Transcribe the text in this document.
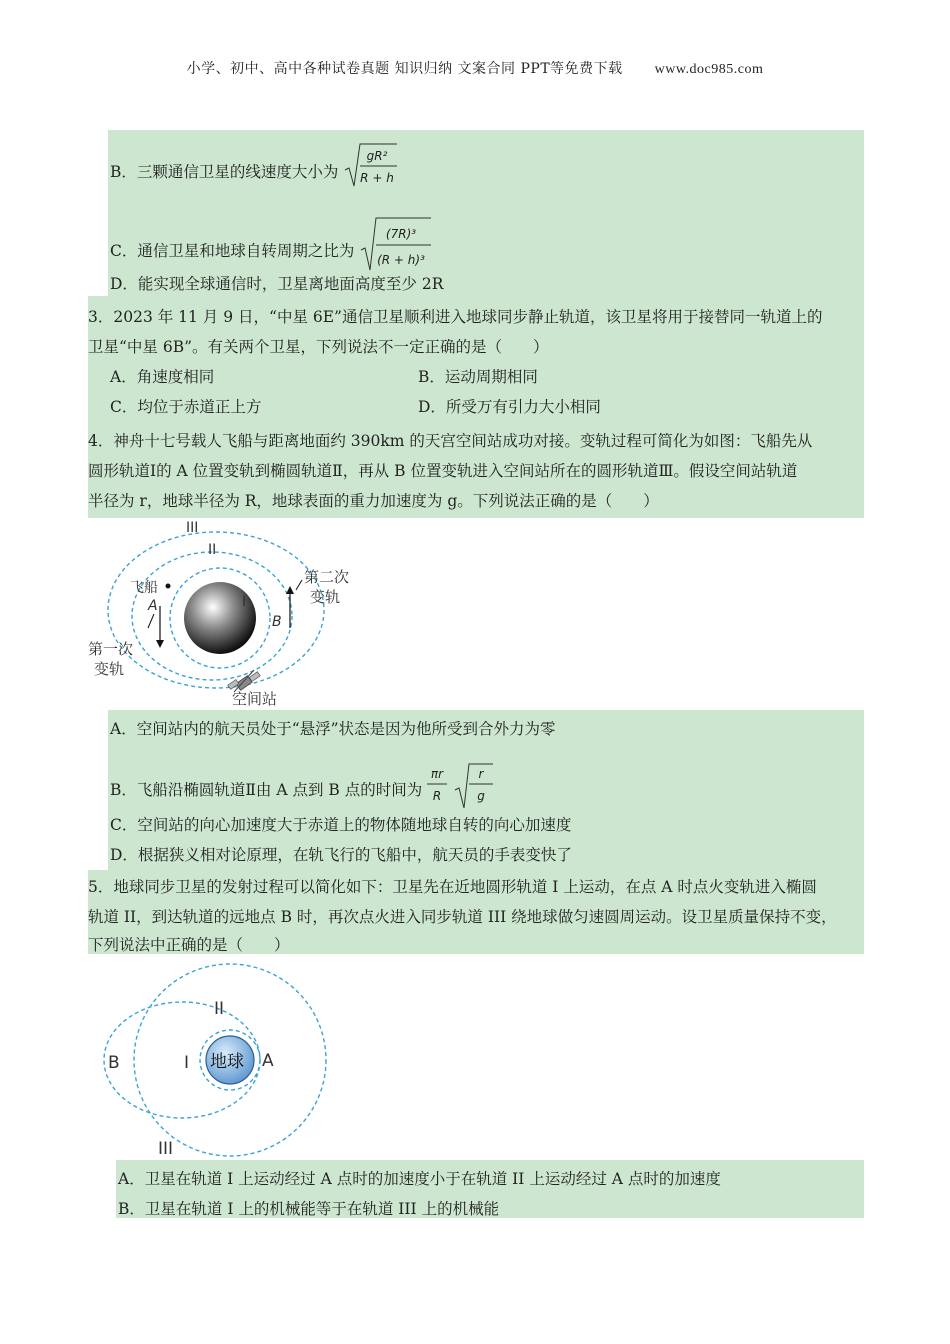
小学、初中、高中各种试卷真题 知识归纳 文案合同 PPT等免费下载 www.doc985.com
B．三颗通信卫星的线速度大小为
gR²
R + h
C．通信卫星和地球自转周期之比为
(7R)³
(R + h)³
D．能实现全球通信时，卫星离地面高度至少 2R
3．2023 年 11 月 9 日，“中星 6E”通信卫星顺利进入地球同步静止轨道，该卫星将用于接替同一轨道上的
卫星“中星 6B”。有关两个卫星，下列说法不一定正确的是（　　）
A．角速度相同	B．运动周期相同
C．均位于赤道正上方	D．所受万有引力大小相同
4．神舟十七号载人飞船与距离地面约 390km 的天宫空间站成功对接。变轨过程可简化为如图：飞船先从
圆形轨道Ⅰ的 A 位置变轨到椭圆轨道Ⅱ，再从 B 位置变轨进入空间站所在的圆形轨道Ⅲ。假设空间站轨道
半径为 r，地球半径为 R，地球表面的重力加速度为 g。下列说法正确的是（　　）
III
II
I
飞船
A
B
第二次
变轨
第一次
变轨
空间站
A．空间站内的航天员处于“悬浮”状态是因为他所受到合外力为零
B．飞船沿椭圆轨道Ⅱ由 A 点到 B 点的时间为
πr
R
r
g
C．空间站的向心加速度大于赤道上的物体随地球自转的向心加速度
D．根据狭义相对论原理，在轨飞行的飞船中，航天员的手表变快了
5．地球同步卫星的发射过程可以简化如下：卫星先在近地圆形轨道 I 上运动，在点 A 时点火变轨进入椭圆
轨道 II，到达轨道的远地点 B 时，再次点火进入同步轨道 III 绕地球做匀速圆周运动。设卫星质量保持不变，
下列说法中正确的是（　　）
地球
II
I
B	A
III
A．卫星在轨道 I 上运动经过 A 点时的加速度小于在轨道 II 上运动经过 A 点时的加速度
B．卫星在轨道 I 上的机械能等于在轨道 III 上的机械能
